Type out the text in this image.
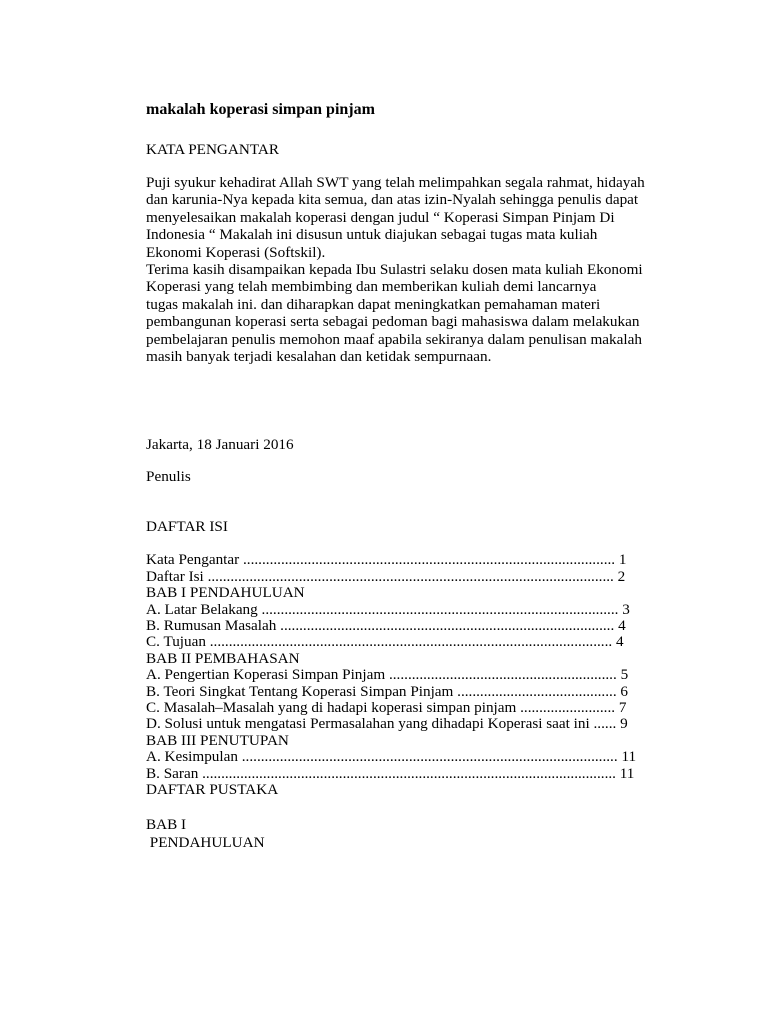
makalah koperasi simpan pinjam
KATA PENGANTAR

Puji syukur kehadirat Allah SWT yang telah melimpahkan segala rahmat, hidayah
dan karunia-Nya kepada kita semua, dan atas izin-Nyalah sehingga penulis dapat
menyelesaikan makalah koperasi dengan judul “ Koperasi Simpan Pinjam Di
Indonesia “ Makalah ini disusun untuk diajukan sebagai tugas mata kuliah
Ekonomi Koperasi (Softskil).

Terima kasih disampaikan kepada Ibu Sulastri selaku dosen mata kuliah Ekonomi
Koperasi yang telah membimbing dan memberikan kuliah demi lancarnya
tugas makalah ini. dan diharapkan dapat meningkatkan pemahaman materi
pembangunan koperasi serta sebagai pedoman bagi mahasiswa dalam melakukan
pembelajaran penulis memohon maaf apabila sekiranya dalam penulisan makalah
masih banyak terjadi kesalahan dan ketidak sempurnaan.

Jakarta, 18 Januari 2016

Penulis

DAFTAR ISI
Kata Pengantar .................................................................................................. 1
Daftar Isi ........................................................................................................... 2
BAB I PENDAHULUAN
A. Latar Belakang .............................................................................................. 3
B. Rumusan Masalah ........................................................................................ 4
C. Tujuan .......................................................................................................... 4
BAB II PEMBAHASAN
A. Pengertian Koperasi Simpan Pinjam ............................................................ 5
B. Teori Singkat Tentang Koperasi Simpan Pinjam .......................................... 6
C. Masalah–Masalah yang di hadapi koperasi simpan pinjam ......................... 7
D. Solusi untuk mengatasi Permasalahan yang dihadapi Koperasi saat ini ...... 9
BAB III PENUTUPAN
A. Kesimpulan ................................................................................................... 11
B. Saran ............................................................................................................. 11
DAFTAR PUSTAKA

BAB I

PENDAHULUAN
